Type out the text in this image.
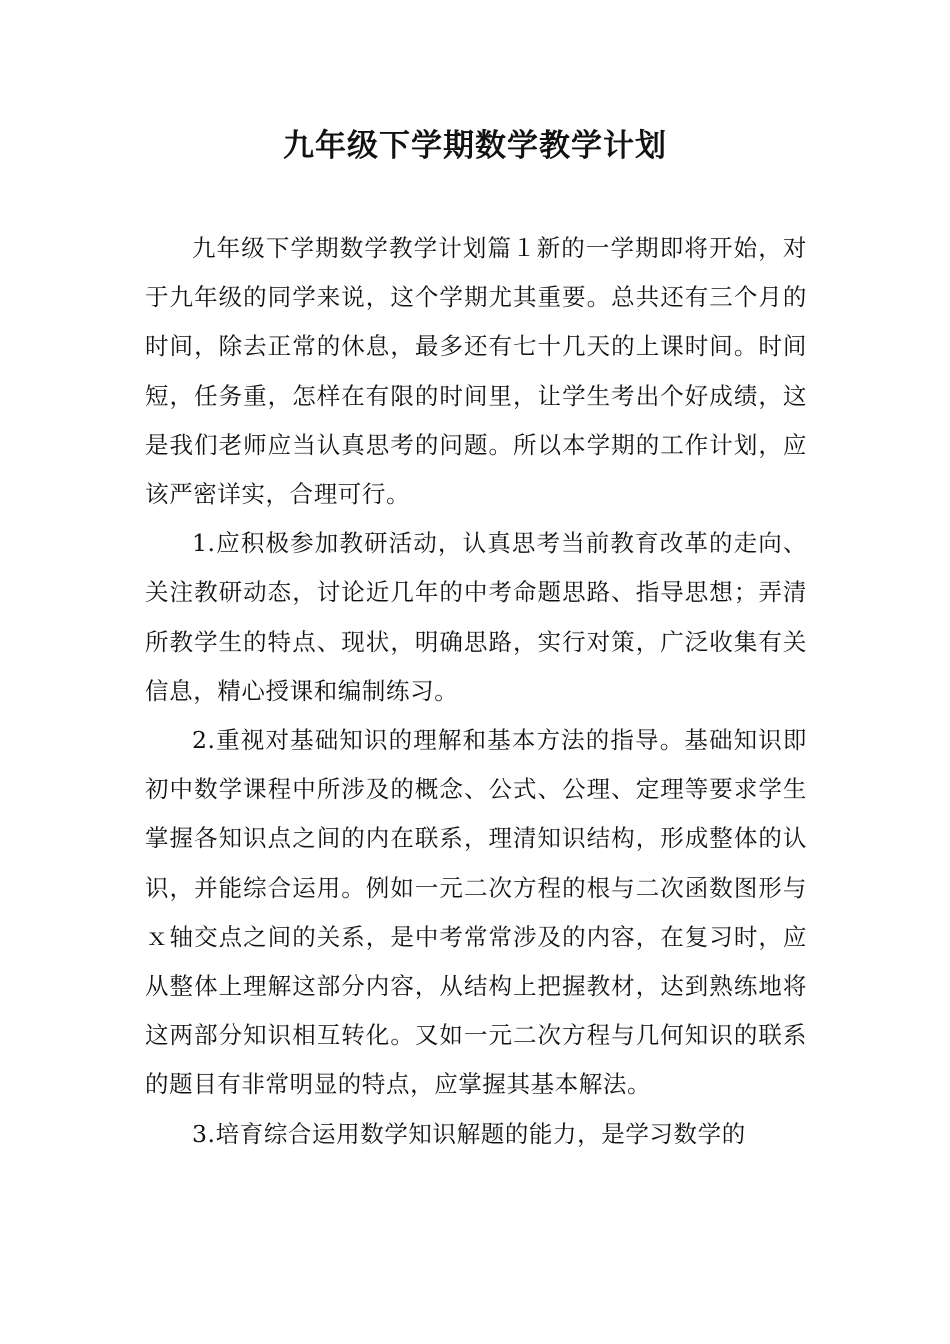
九年级下学期数学教学计划

九年级下学期数学教学计划篇１新的一学期即将开始，对于九年级的同学来说，这个学期尤其重要。总共还有三个月的时间，除去正常的休息，最多还有七十几天的上课时间。时间短，任务重，怎样在有限的时间里，让学生考出个好成绩，这是我们老师应当认真思考的问题。所以本学期的工作计划，应该严密详实，合理可行。

1.应积极参加教研活动，认真思考当前教育改革的走向、关注教研动态，讨论近几年的中考命题思路、指导思想；弄清所教学生的特点、现状，明确思路，实行对策，广泛收集有关信息，精心授课和编制练习。

2.重视对基础知识的理解和基本方法的指导。基础知识即初中数学课程中所涉及的概念、公式、公理、定理等要求学生掌握各知识点之间的内在联系，理清知识结构，形成整体的认识，并能综合运用。例如一元二次方程的根与二次函数图形与ｘ轴交点之间的关系，是中考常常涉及的内容，在复习时，应从整体上理解这部分内容，从结构上把握教材，达到熟练地将这两部分知识相互转化。又如一元二次方程与几何知识的联系的题目有非常明显的特点，应掌握其基本解法。

3.培育综合运用数学知识解题的能力，是学习数学的
